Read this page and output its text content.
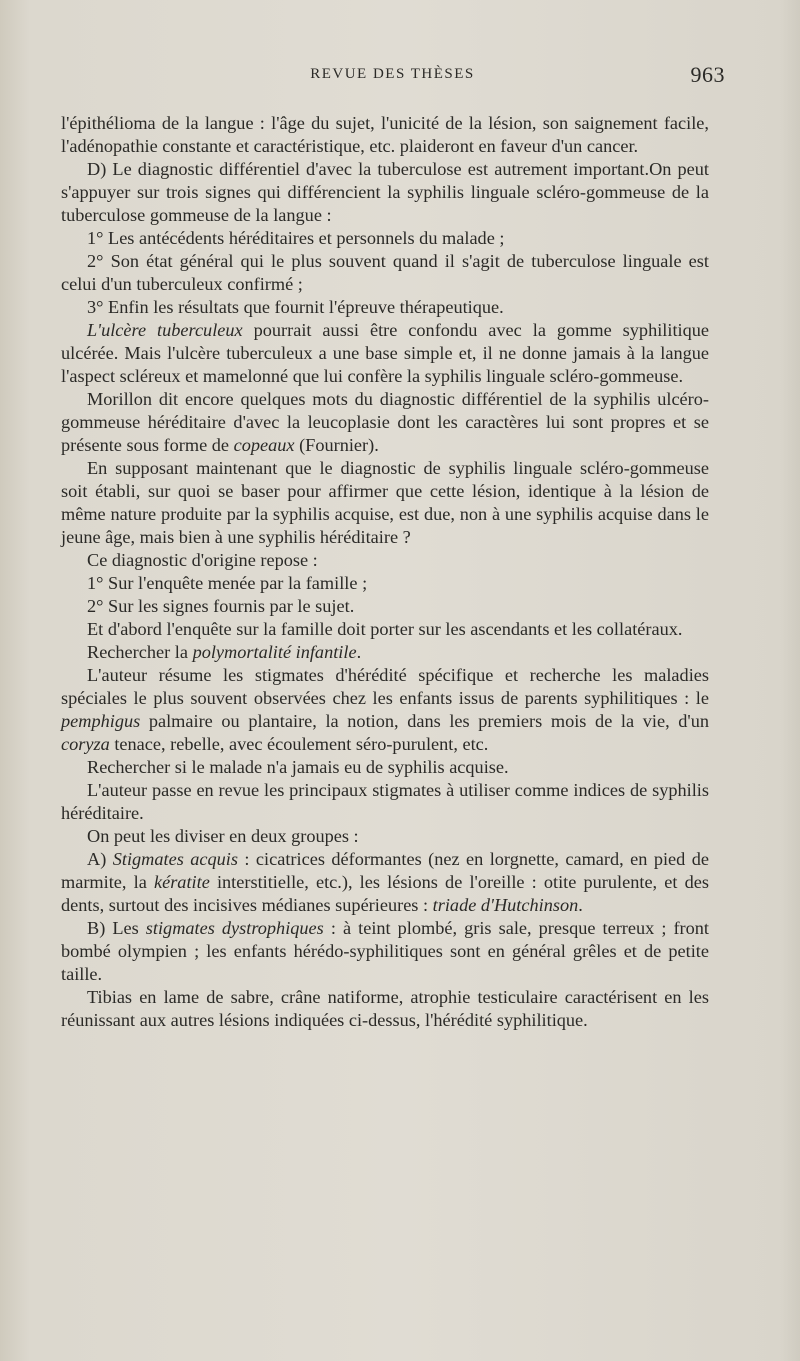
REVUE DES THÈSES	963

l'épithélioma de la langue : l'âge du sujet, l'unicité de la lésion, son saignement facile, l'adénopathie constante et caractéristique, etc. plaideront en faveur d'un cancer.

D) Le diagnostic différentiel d'avec la tuberculose est autrement important.On peut s'appuyer sur trois signes qui différencient la syphilis linguale scléro-gommeuse de la tuberculose gommeuse de la langue :

1° Les antécédents héréditaires et personnels du malade ;

2° Son état général qui le plus souvent quand il s'agit de tuberculose linguale est celui d'un tuberculeux confirmé ;

3° Enfin les résultats que fournit l'épreuve thérapeutique.

L'ulcère tuberculeux pourrait aussi être confondu avec la gomme syphilitique ulcérée. Mais l'ulcère tuberculeux a une base simple et, il ne donne jamais à la langue l'aspect scléreux et mamelonné que lui confère la syphilis linguale scléro-gommeuse.

Morillon dit encore quelques mots du diagnostic différentiel de la syphilis ulcéro-gommeuse héréditaire d'avec la leucoplasie dont les caractères lui sont propres et se présente sous forme de copeaux (Fournier).

En supposant maintenant que le diagnostic de syphilis linguale scléro-gommeuse soit établi, sur quoi se baser pour affirmer que cette lésion, identique à la lésion de même nature produite par la syphilis acquise, est due, non à une syphilis acquise dans le jeune âge, mais bien à une syphilis héréditaire ?

Ce diagnostic d'origine repose :

1° Sur l'enquête menée par la famille ;

2° Sur les signes fournis par le sujet.

Et d'abord l'enquête sur la famille doit porter sur les ascendants et les collatéraux.

Rechercher la polymortalité infantile.

L'auteur résume les stigmates d'hérédité spécifique et recherche les maladies spéciales le plus souvent observées chez les enfants issus de parents syphilitiques : le pemphigus palmaire ou plantaire, la notion, dans les premiers mois de la vie, d'un coryza tenace, rebelle, avec écoulement séro-purulent, etc.

Rechercher si le malade n'a jamais eu de syphilis acquise.

L'auteur passe en revue les principaux stigmates à utiliser comme indices de syphilis héréditaire.

On peut les diviser en deux groupes :

A) Stigmates acquis : cicatrices déformantes (nez en lorgnette, camard, en pied de marmite, la kératite interstitielle, etc.), les lésions de l'oreille : otite purulente, et des dents, surtout des incisives médianes supérieures : triade d'Hutchinson.

B) Les stigmates dystrophiques : à teint plombé, gris sale, presque terreux ; front bombé olympien ; les enfants hérédo-syphilitiques sont en général grêles et de petite taille.

Tibias en lame de sabre, crâne natiforme, atrophie testiculaire caractérisent en les réunissant aux autres lésions indiquées ci-dessus, l'hérédité syphilitique.
